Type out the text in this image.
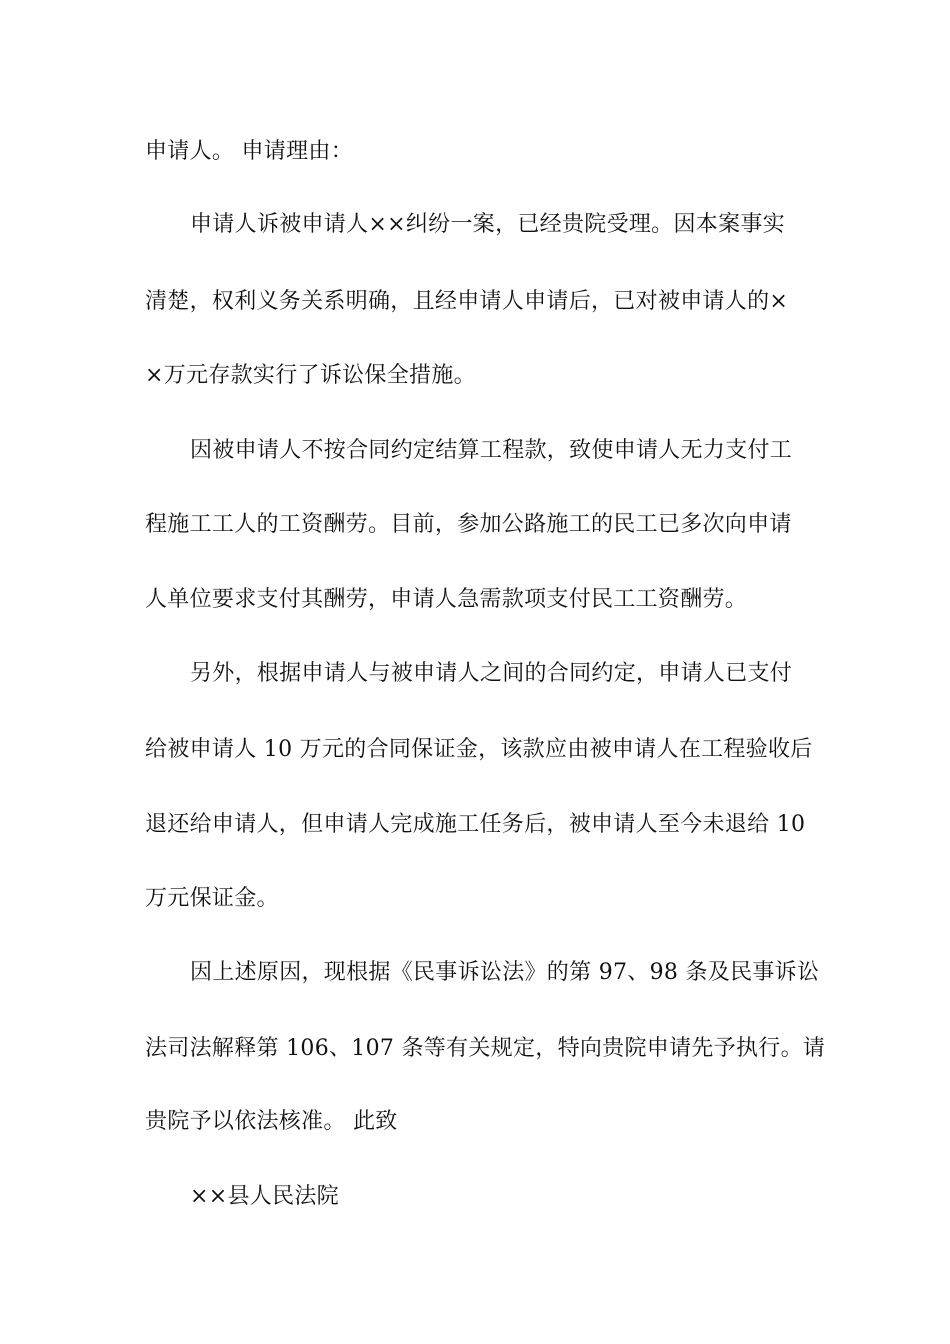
申请人。 申请理由：
申请人诉被申请人××纠纷一案，已经贵院受理。因本案事实
清楚，权利义务关系明确，且经申请人申请后，已对被申请人的×
×万元存款实行了诉讼保全措施。
因被申请人不按合同约定结算工程款，致使申请人无力支付工
程施工工人的工资酬劳。目前，参加公路施工的民工已多次向申请
人单位要求支付其酬劳，申请人急需款项支付民工工资酬劳。
另外，根据申请人与被申请人之间的合同约定，申请人已支付
给被申请人 10 万元的合同保证金，该款应由被申请人在工程验收后
退还给申请人，但申请人完成施工任务后，被申请人至今未退给 10
万元保证金。
因上述原因，现根据《民事诉讼法》的第 97、98 条及民事诉讼
法司法解释第 106、107 条等有关规定，特向贵院申请先予执行。请
贵院予以依法核准。 此致
××县人民法院
